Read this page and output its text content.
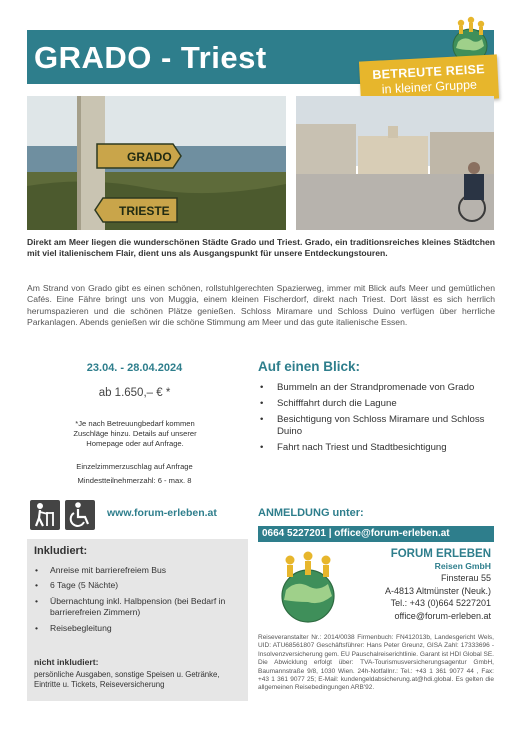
GRADO - Triest	BETREUTE REISE
in kleiner Gruppe
GRADO
TRIESTE
Direkt am Meer liegen die wunderschönen Städte Grado und Triest. Grado, ein traditionsreiches kleines Städtchen mit viel italienischem Flair, dient uns als Ausgangspunkt für unsere Entdeckungstouren.
Am Strand von Grado gibt es einen schönen, rollstuhlgerechten Spazierweg, immer mit Blick aufs Meer und gemütlichen Cafés. Eine Fähre bringt uns von Muggia, einem kleinen Fischerdorf, direkt nach Triest. Dort lässt es sich herrlich herumspazieren und die schönen Plätze genießen. Schloss Miramare und Schloss Duino verfügen über herrliche Parkanlagen. Abends genießen wir die schöne Stimmung am Meer und das gute italienische Essen.
23.04. - 28.04.2024
ab 1.650,– € *
*Je nach Betreuungbedarf kommen Zuschläge hinzu. Details auf unserer Homepage oder auf Anfrage.
Einzelzimmerzuschlag auf Anfrage
Mindestteilnehmerzahl: 6 - max. 8
Auf einen Blick:
• Bummeln an der Strandpromenade von Grado
• Schifffahrt durch die Lagune
• Besichtigung von Schloss Miramare und Schloss Duino
• Fahrt nach Triest und Stadtbesichtigung
www.forum-erleben.at
Inkludiert:
• Anreise mit barrierefreiem Bus
• 6 Tage (5 Nächte)
• Übernachtung inkl. Halbpension (bei Bedarf in barrierefreien Zimmern)
• Reisebegleitung
nicht inkludiert:
persönliche Ausgaben, sonstige Speisen u. Getränke, Eintritte u. Tickets, Reiseversicherung
ANMELDUNG unter:
0664 5227201 | office@forum-erleben.at
FORUM ERLEBEN
Reisen GmbH
Finsterau 55
A-4813 Altmünster (Neuk.)
Tel.: +43 (0)664 5227201
office@forum-erleben.at
Reiseveranstalter Nr.: 2014/0038 Firmenbuch: FN412013b, Landesgericht Wels, UID: ATU68561807 Geschäftsführer: Hans Peter Greunz, GISA Zahl: 17333696 - Insolvenzversicherung gem. EU Pauschalreiserichtlinie. Garant ist HDI Global SE. Die Abwicklung erfolgt über: TVA-Tourismusversicherungsagentur GmbH, Baumannstraße 9/8, 1030 Wien. 24h-Notfallnr.: Tel.: +43 1 361 9077 44 , Fax: +43 1 361 9077 25; E-Mail: kundengeldabsicherung.at@hdi.global. Es gelten die allgemeinen Reisebedingungen ARB'92.
